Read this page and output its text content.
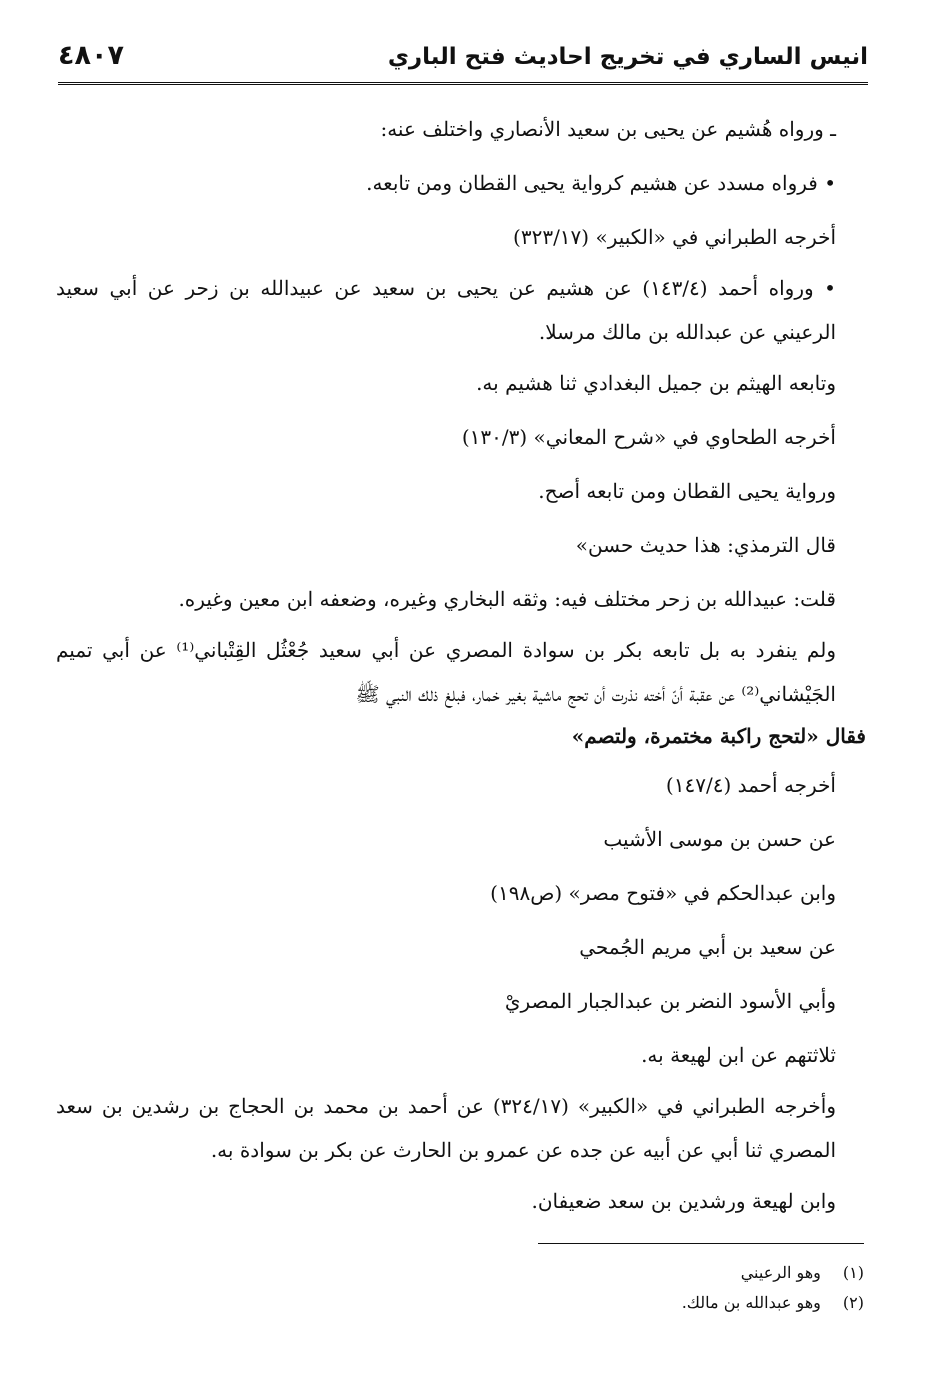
انيس الساري في تخريج احاديث فتح الباري
٤٨٠٧

ـ ورواه هُشيم عن يحيى بن سعيد الأنصاري واختلف عنه:

• فرواه مسدد عن هشيم كرواية يحيى القطان ومن تابعه.

أخرجه الطبراني في «الكبير» (٣٢٣/١٧)

• ورواه أحمد (١٤٣/٤) عن هشيم عن يحيى بن سعيد عن عبيدالله بن زحر عن أبي سعيد الرعيني عن عبدالله بن مالك مرسلا.

وتابعه الهيثم بن جميل البغدادي ثنا هشيم به.

أخرجه الطحاوي في «شرح المعاني» (١٣٠/٣)

ورواية يحيى القطان ومن تابعه أصح.

قال الترمذي: هذا حديث حسن»

قلت: عبيدالله بن زحر مختلف فيه: وثقه البخاري وغيره، وضعفه ابن معين وغيره.

ولم ينفرد به بل تابعه بكر بن سوادة المصري عن أبي سعيد جُعْثُل القِتْباني⁽¹⁾ عن أبي تميم الجَيْشاني⁽²⁾ عن عقبة أنّ أخته نذرت أن تحج ماشية بغير خمار، فبلغ ذلك النبي ﷺ

فقال «لتحج راكبة مختمرة، ولتصم»

أخرجه أحمد (١٤٧/٤)

عن حسن بن موسى الأشيب

وابن عبدالحكم في «فتوح مصر» (ص١٩٨)

عن سعيد بن أبي مريم الجُمحي

وأبي الأسود النضر بن عبدالجبار المصريْ

ثلاثتهم عن ابن لهيعة به.

وأخرجه الطبراني في «الكبير» (٣٢٤/١٧) عن أحمد بن محمد بن الحجاج بن رشدين بن سعد المصري ثنا أبي عن أبيه عن جده عن عمرو بن الحارث عن بكر بن سوادة به.

وابن لهيعة ورشدين بن سعد ضعيفان.

(١) وهو الرعيني
(٢) وهو عبدالله بن مالك.
